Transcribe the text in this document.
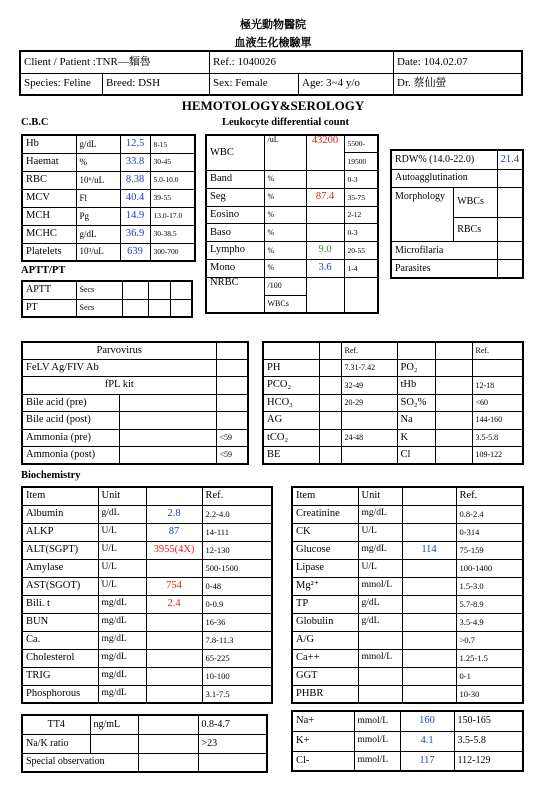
極光動物醫院
血液生化檢驗單
Client / Patient :TNR—麵魯		Ref.: 1040026		Date: 104.02.07
Species: Feline	Breed: DSH	Sex: Female	Age: 3~4 y/o	Dr. 蔡仙螢
HEMOTOLOGY&SEROLOGY
C.B.C
Hb	g/dL	12.5	8-15
Haemat	%	33.8	30-45
RBC	10⁶/uL	8.38	5.0-10.0
MCV	Fl	40.4	39-55
MCH	Pg	14.9	13.0-17.0
MCHC	g/dL	36.9	30-38.5
Platelets	10³/uL	639	300-700
APTT/PT
APTT	Secs			
PT	Secs			
Leukocyte differential count
WBC	/uL	43200	5500-
			19500
Band	%		0-3
Seg	%	87.4	35-75
Eosino	%		2-12
Baso	%		0-3
Lympho	%	9.0	20-55
Mono	%	3.6	1-4
NRBC	/100		
	WBCs		
RDW% (14.0-22.0)		21.4
Autoagglutination		
Morphology	WBCs	
	RBCs	
Microfilaria		
Parasites		
Parvovirus		
FeLV Ag/FIV Ab		
fPL kit		
Bile acid (pre)		
Bile acid (post)		
Ammonia (pre)		<59
Ammonia (post)		<59
		Ref.			Ref.
PH		7.31-7.42	PO₂		
PCO₂		32-49	tHb		12-18
HCO₃		20-29	SO₂%		<60
AG			Na		144-160
tCO₂		24-48	K		3.5-5.8
BE			Cl		109-122
Biochemistry
Item	Unit		Ref.
Albumin	g/dL	2.8	2.2-4.0
ALKP	U/L	87	14-111
ALT(SGPT)	U/L	3955(4X)	12-130
Amylase	U/L		500-1500
AST(SGOT)	U/L	754	0-48
Bili. t	mg/dL	2.4	0-0.9
BUN	mg/dL		16-36
Ca.	mg/dL		7.8-11.3
Cholesterol	mg/dL		65-225
TRIG	mg/dL		10-100
Phosphorous	mg/dL		3.1-7.5
Item	Unit		Ref.
Creatinine	mg/dL		0.8-2.4
CK	U/L		0-314
Glucose	mg/dL	114	75-159
Lipase	U/L		100-1400
Mg²⁺	mmol/L		1.5-3.0
TP	g/dL		5.7-8.9
Globulin	g/dL		3.5-4.9
A/G			>0.7
Ca++	mmol/L		1.25-1.5
GGT			0-1
PHBR			10-30
TT4	ng/mL		0.8-4.7
Na/K ratio			>23
Special observation			
Na+	mmol/L	160	150-165
K+	mmol/L	4.1	3.5-5.8
Cl-	mmol/L	117	112-129
